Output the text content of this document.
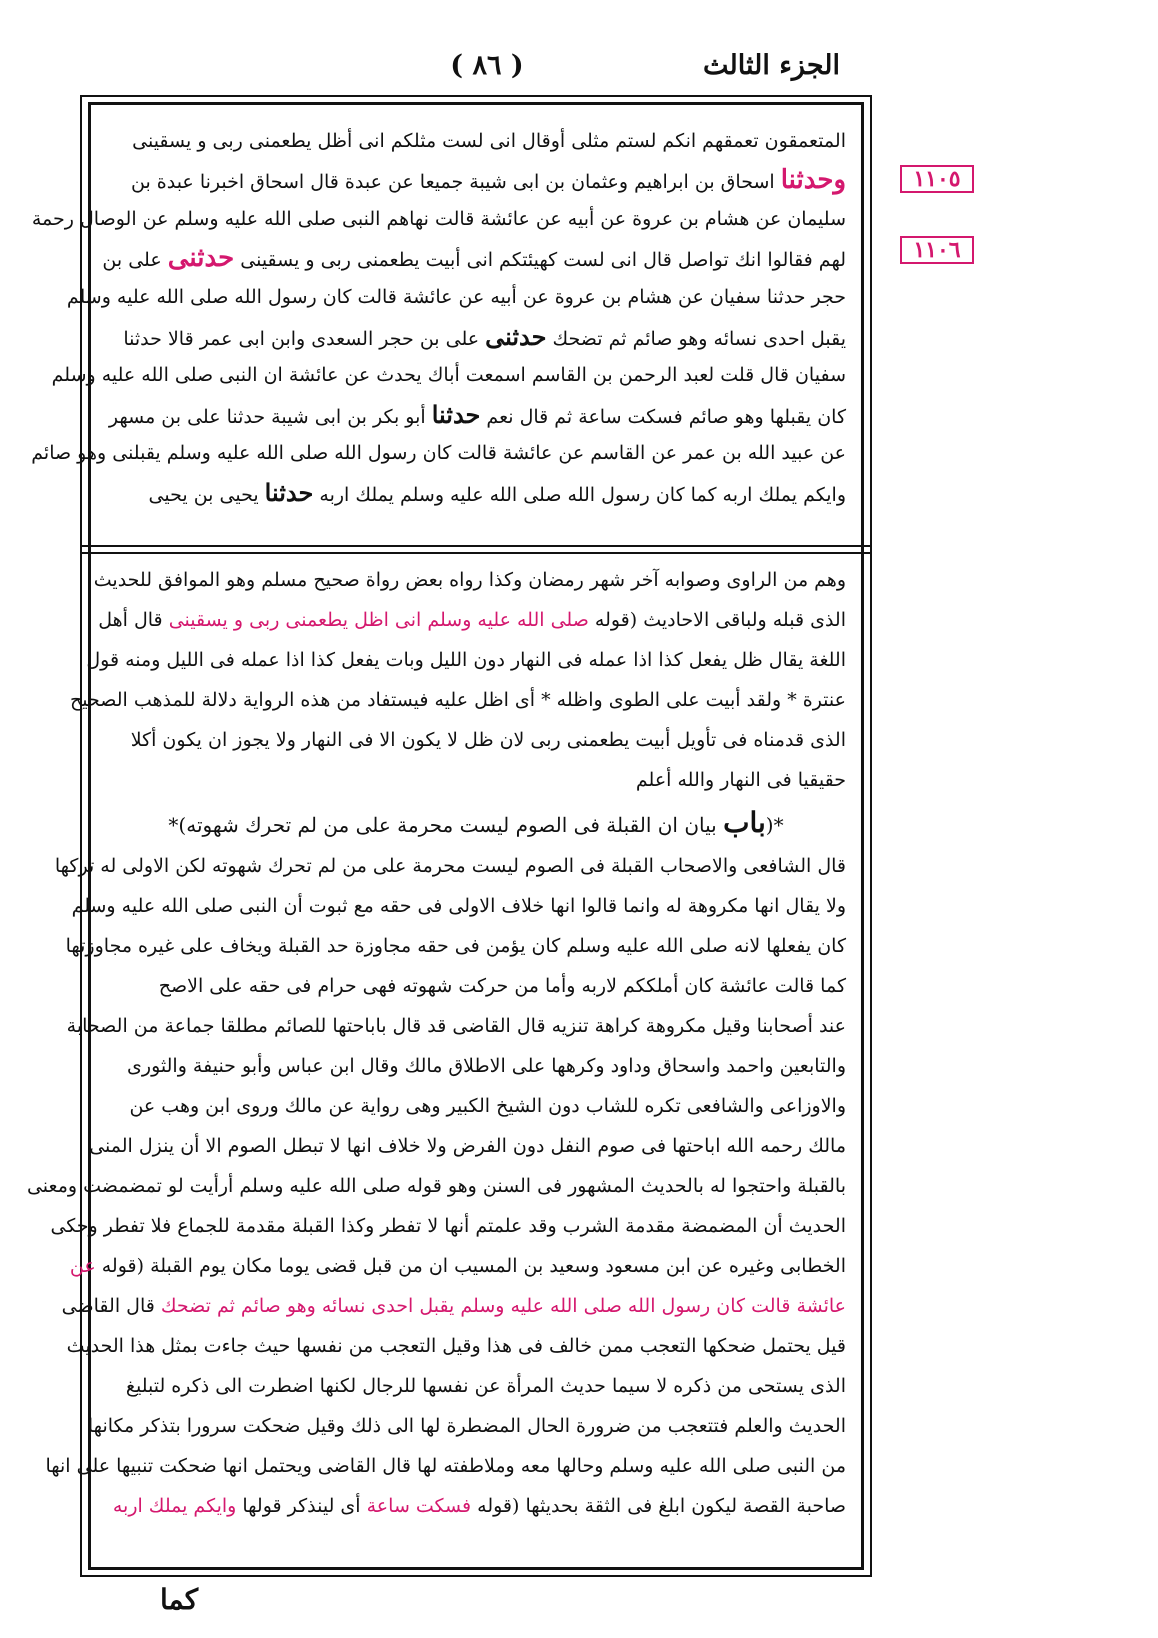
الجزء الثالث
( ٨٦ )
١١٠٥
١١٠٦
المتعمقون تعمقهم انكم لستم مثلى أوقال انى لست مثلكم انى أظل يطعمنى ربى و يسقينى
وحدثنا اسحاق بن ابراهيم وعثمان بن ابى شيبة جميعا عن عبدة قال اسحاق اخبرنا عبدة بن
سليمان عن هشام بن عروة عن أبيه عن عائشة قالت نهاهم النبى صلى الله عليه وسلم عن الوصال رحمة
لهم فقالوا انك تواصل قال انى لست كهيئتكم انى أبيت يطعمنى ربى و يسقينى حدثنى على بن
حجر حدثنا سفيان عن هشام بن عروة عن أبيه عن عائشة قالت كان رسول الله صلى الله عليه وسلم
يقبل احدى نسائه وهو صائم ثم تضحك حدثنى على بن حجر السعدى وابن ابى عمر قالا حدثنا
سفيان قال قلت لعبد الرحمن بن القاسم اسمعت أباك يحدث عن عائشة ان النبى صلى الله عليه وسلم
كان يقبلها وهو صائم فسكت ساعة ثم قال نعم حدثنا أبو بكر بن ابى شيبة حدثنا على بن مسهر
عن عبيد الله بن عمر عن القاسم عن عائشة قالت كان رسول الله صلى الله عليه وسلم يقبلنى وهو صائم
وايكم يملك اربه كما كان رسول الله صلى الله عليه وسلم يملك اربه حدثنا يحيى بن يحيى
وهم من الراوى وصوابه آخر شهر رمضان وكذا رواه بعض رواة صحيح مسلم وهو الموافق للحديث
الذى قبله ولباقى الاحاديث (قوله صلى الله عليه وسلم انى اظل يطعمنى ربى و يسقينى قال أهل
اللغة يقال ظل يفعل كذا اذا عمله فى النهار دون الليل وبات يفعل كذا اذا عمله فى الليل ومنه قول
عنترة * ولقد أبيت على الطوى واظله * أى اظل عليه فيستفاد من هذه الرواية دلالة للمذهب الصحيح
الذى قدمناه فى تأويل أبيت يطعمنى ربى لان ظل لا يكون الا فى النهار ولا يجوز ان يكون أكلا
حقيقيا فى النهار والله أعلم
*(باب بيان ان القبلة فى الصوم ليست محرمة على من لم تحرك شهوته)*
قال الشافعى والاصحاب القبلة فى الصوم ليست محرمة على من لم تحرك شهوته لكن الاولى له تركها
ولا يقال انها مكروهة له وانما قالوا انها خلاف الاولى فى حقه مع ثبوت أن النبى صلى الله عليه وسلم
كان يفعلها لانه صلى الله عليه وسلم كان يؤمن فى حقه مجاوزة حد القبلة ويخاف على غيره مجاوزتها
كما قالت عائشة كان أملككم لاربه وأما من حركت شهوته فهى حرام فى حقه على الاصح
عند أصحابنا وقيل مكروهة كراهة تنزيه قال القاضى قد قال باباحتها للصائم مطلقا جماعة من الصحابة
والتابعين واحمد واسحاق وداود وكرهها على الاطلاق مالك وقال ابن عباس وأبو حنيفة والثورى
والاوزاعى والشافعى تكره للشاب دون الشيخ الكبير وهى رواية عن مالك وروى ابن وهب عن
مالك رحمه الله اباحتها فى صوم النفل دون الفرض ولا خلاف انها لا تبطل الصوم الا أن ينزل المنى
بالقبلة واحتجوا له بالحديث المشهور فى السنن وهو قوله صلى الله عليه وسلم أرأيت لو تمضمضت ومعنى
الحديث أن المضمضة مقدمة الشرب وقد علمتم أنها لا تفطر وكذا القبلة مقدمة للجماع فلا تفطر وحكى
الخطابى وغيره عن ابن مسعود وسعيد بن المسيب ان من قبل قضى يوما مكان يوم القبلة (قوله عن
عائشة قالت كان رسول الله صلى الله عليه وسلم يقبل احدى نسائه وهو صائم ثم تضحك قال القاضى
قيل يحتمل ضحكها التعجب ممن خالف فى هذا وقيل التعجب من نفسها حيث جاءت بمثل هذا الحديث
الذى يستحى من ذكره لا سيما حديث المرأة عن نفسها للرجال لكنها اضطرت الى ذكره لتبليغ
الحديث والعلم فتتعجب من ضرورة الحال المضطرة لها الى ذلك وقيل ضحكت سرورا بتذكر مكانها
من النبى صلى الله عليه وسلم وحالها معه وملاطفته لها قال القاضى ويحتمل انها ضحكت تنبيها على انها
صاحبة القصة ليكون ابلغ فى الثقة بحديثها (قوله فسكت ساعة أى لينذكر قولها وايكم يملك اربه
كما
